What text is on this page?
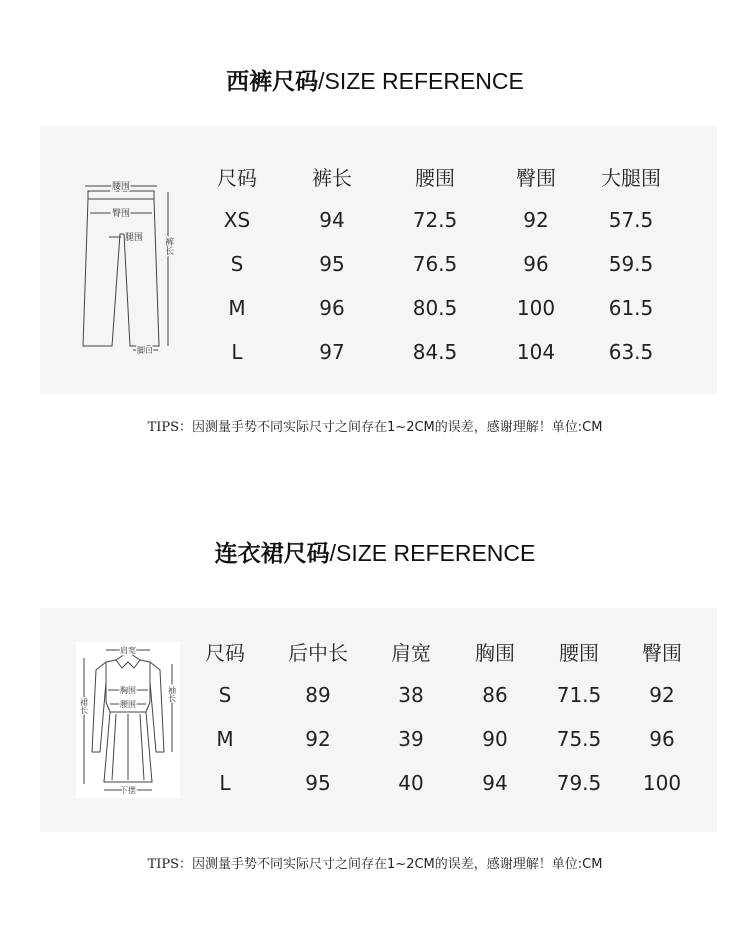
西裤尺码/SIZE REFERENCE
腰围
臀围
腿围 裤长
脚口
尺码	裤长	腰围	臀围	大腿围
XS	94	72.5	92	57.5
S	95	76.5	96	59.5
M	96	80.5	100	61.5
L	97	84.5	104	63.5
TIPS：因测量手势不同实际尺寸之间存在1~2CM的误差，感谢理解！单位:CM
连衣裙尺码/SIZE REFERENCE
肩宽
胸围
腰围
裙长
袖长
下摆
尺码	后中长	肩宽	胸围	腰围	臀围
S	89	38	86	71.5	92
M	92	39	90	75.5	96
L	95	40	94	79.5	100
TIPS：因测量手势不同实际尺寸之间存在1~2CM的误差，感谢理解！单位:CM
